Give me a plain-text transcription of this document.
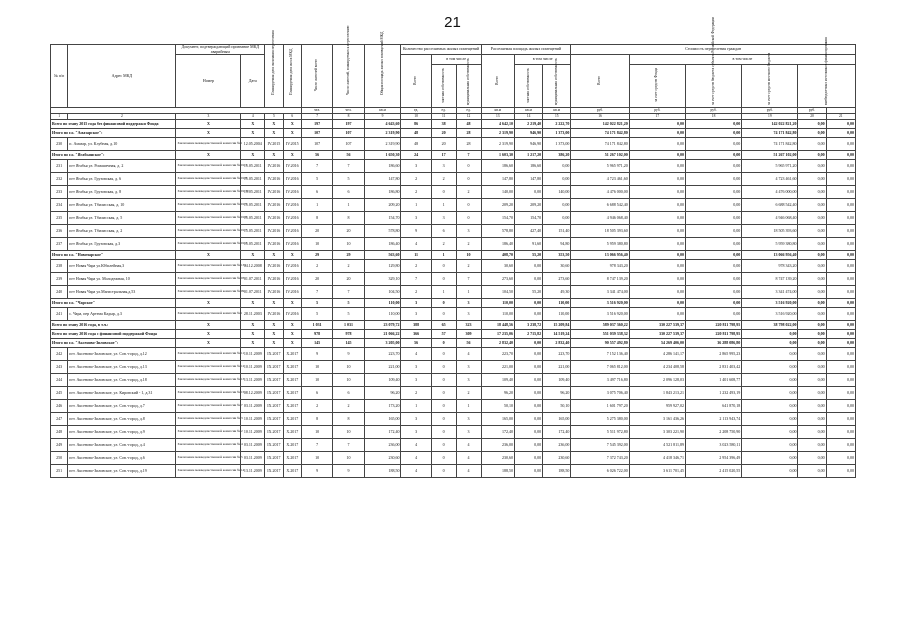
21
№ п/п	Адрес МКД	Документ, подтверждающий признание МКД аварийным		Планируемая дата окончания переселения	Планируемая дата сноса МКД	Число жителей всего	Число жителей, планируемых к переселению	Общая площадь жилых помещений МКД	Количество расселяемых жилых помещений			Расселяемая площадь жилых помещений			Стоимость переселения граждан					
		Номер	Дата						Всего	в том числе		Всего	в том числе		Всего	в том числе				
										частная собственность	муниципальная собственность		частная собственность	муниципальная собственность		за счет средств Фонда	за счет средств бюджета субъекта Российской Федерации	за счет средств местного бюджета	внебюджетных источников финансирования	
						чел.	чел.	кв.м	ед.	ед.	ед.	кв.м	кв.м	кв.м	руб.	руб.	руб.	руб.	руб.	
1	2	3	4	5	6	7	8	9	10	11	12	13	14	15	16	17	18	19	20	21
Всего по этапу 2015 года без финансовой поддержки Фонда		X	X	X	X	197	197	4 643,60	86	38	48	4 642,10	2 219,40	2 222,70	142 022 821,20	0,00	0,00	142 022 821,20	0,00	0,00
Итого по г.о. "Амазарское":		X	X	X	X	107	107	2 319,90	48	20	28	2 319,90	946,90	1 373,00	74 171 842,80	0,00	0,00	74 171 842,80	0,00	0,00
230	п. Амазар, ул. Клубная, д.10	Заключение межведомственной комиссии №1	12.05.2004	IV.2015	IV.2015	107	107	2 319,90	48	20	28	2 319,90	946,90	1 373,00	74 171 842,80	0,00	0,00	74 171 842,80	0,00	0,00
Итого по г.о. "Ягабьинское":		X	X	X	X	56	56	1 650,30	24	17	7	1 603,30	1 217,20	386,20	51 267 102,00	0,00	0,00	51 267 102,00	0,00	0,00
231	пгт Ягабья ул. Ромашечная, д. 2	Заключение межведомственной комиссии № 01/1	15.05.2011	IV.2016	IV.2016	7	7	186,60	3	3	0	186,60	186,60	0,00	5 965 971,20	0,00	0,00	5 965 971,20	0,00	0,00
232	пгт Ягабья ул. Грузовская, д. 6	Заключение межведомственной комиссии № 01/8	15.05.2011	IV.2016	IV.2016	5	5	147,80	2	2	0	147,80	147,80	0,00	4 723 461,60	0,00	0,00	4 723 461,60	0,00	0,00
233	пгт Ягабья ул. Грузовская, д. 8	Заключение межведомственной комиссии № 01/10	15.05.2011	IV.2016	IV.2016	6	6	186,80	2	0	2	140,00	0,00	140,00	4 476 000,00	0,00	0,00	4 476 000,00	0,00	0,00
234	пгт Ягабья ул. Тбилисская, д. 10	Заключение межведомственной комиссии № 01/5	15.05.2011	IV.2016	IV.2016	1	1	209,20	1	1	0	209,20	209,20	0,00	6 688 542,40	0,00	0,00	6 688 542,40	0,00	0,00
235	пгт Ягабья ул. Тбилисская, д. 5	Заключение межведомственной комиссии № 01/6	15.05.2011	IV.2016	IV.2016	8	8	154,70	3	3	0	154,70	154,70	0,00	4 946 068,40	0,00	0,00	4 946 068,40	0,00	0,00
236	пгт Ягабья ул. Тбилисская, д. 2	Заключение межведомственной комиссии № 01/7	15.05.2011	IV.2016	IV.2016	20	20	578,80	9	6	3	578,80	427,40	151,40	18 505 393,60	0,00	0,00	18 505 393,60	0,00	0,00
237	пгт Ягабья ул. Грузовская, д.3	Заключение межведомственной комиссии № 01/2	15.05.2011	IV.2016	IV.2016	10	10	186,40	4	2	2	186,40	91,60	94,80	5 959 380,80	0,00	0,00	5 959 380,80	0,00	0,00
Итого по г.о. "Новочарское"		X	X	X	X	29	29	563,60	11	1	10	408,70	55,20	353,50	13 066 956,40	0,00	0,00	13 066 956,40	0,00	0,00
238	пгт Новая Чара ул.Юбилейная,3	Заключение межведомственной комиссии № 131	04.12.2008	IV.2016	IV.2016	2	2	129,80	2	0	2	30,60	0,00	30,60	978 343,20	0,00	0,00	978 343,20	0,00	0,00
239	пгт Новая Чара ул. Молодежная, 10	Заключение межведомственной комиссии № 03	01.07.2011	IV.2016	IV.2016	20	20	329,10	7	0	7	273,60	0,00	273,60	8 747 139,20	0,00	0,00	8 747 139,20	0,00	0,00
240	пгт Новая Чара ул.Магистральная,д.53	Заключение межведомственной комиссии № 09	01.07.2011	IV.2016	IV.2016	7	7	104,50	2	1	1	104,50	55,20	49,30	3 341 474,00	0,00	0,00	3 341 474,00	0,00	0,00
Итого по г.о. "Чарское"		X	X	X	X	5	5	110,00	3	0	3	110,00	0,00	110,00	3 516 920,00	0,00	0,00	3 516 920,00	0,00	0,00
241	с. Чара, пер Артема Кадыр, д.3	Заключение межведомственной комиссии №1	28.11.2003	IV.2016	IV.2016	5	5	110,00	3	0	3	110,00	0,00	110,00	3 516 920,00	0,00	0,00	3 516 920,00	0,00	0,00
Всего по этапу 2016 года, в т.ч.:		X	X	X	X	1 031	1 031	23 079,72	388	65	323	18 448,56	3 238,72	15 209,84	589 037 360,22	330 227 539,37	220 811 798,95	38 798 022,00	0,00	0,00
Всего по этапу 2016 года с финансовой поддержкой Фонда		X	X	X	X	978	978	21 066,22	366	57	309	17 235,06	2 715,82	14 519,24	551 039 338,32	330 227 539,37	220 811 798,95	0,00	0,00	0,00
Итого по г.о. "Аксеново-Зиловское":		X	X	X	X	145	145	3 205,00	56	0	56	2 832,40	0,00	2 832,40	90 557 492,80	54 269 406,00	36 288 086,80	0,00	0,00	0,00
242	пгт. Аксеново-Зиловское, ул. Сов.-город, д.12	Заключение межведомственной комиссии № 11	10.11.2009	IX.2017	X.2017	9	9	223,70	4	0	4	223,70	0,00	223,70	7 152 136,40	4 286 141,17	2 865 995,23	0,00	0,00	0,00
243	пгт. Аксеново-Зиловское, ул. Сов.-город, д.13	Заключение межведомственной комиссии № 12	10.11.2009	IX.2017	X.2017	10	10	221,00	3	0	3	221,00	0,00	221,00	7 065 812,00	4 234 408,58	2 831 403,42	0,00	0,00	0,00
244	пгт. Аксеново-Зиловское, ул. Сов.-город, д.18	Заключение межведомственной комиссии № 13	13.11.2009	IX.2017	X.2017	10	10	109,40	3	0	3	109,40	0,00	109,40	3 497 716,80	2 096 128,03	1 401 608,77	0,00	0,00	0,00
245	пгт. Аксеново-Зиловское, ул. Кировский - 1, д.31	Заключение межведомственной комиссии № 15	08.12.2009	IX.2017	X.2017	6	6	96,20	2	0	2	96,20	0,00	96,20	3 075 706,40	1 843 213,21	1 232 493,19	0,00	0,00	0,00
246	пгт. Аксеново-Зиловское, ул. Сов.-город, д.7	Заключение межведомственной комиссии № 7	03.11.2009	IX.2017	X.2017	2	2	173,20	1	0	1	50,10	0,00	50,10	1 601 797,20	959 927,02	641 870,18	0,00	0,00	0,00
247	пгт. Аксеново-Зиловское, ул. Сов.-город, д.8	Заключение межведомственной комиссии № 3	10.11.2009	IX.2017	X.2017	8	8	165,00	3	0	3	165,00	0,00	165,00	5 275 380,00	3 161 436,26	2 113 943,74	0,00	0,00	0,00
248	пгт. Аксеново-Зиловское, ул. Сов.-город, д.9	Заключение межведомственной комиссии № 2	10.11.2009	IX.2017	X.2017	10	10	172,40	3	0	3	172,40	0,00	172,40	5 511 972,80	3 303 221,90	2 208 750,90	0,00	0,00	0,00
249	пгт. Аксеново-Зиловское, ул. Сов.-город, д.4	Заключение межведомственной комиссии № 4	03.11.2009	IX.2017	X.2017	7	7	236,00	4	0	4	236,00	0,00	236,00	7 545 392,00	4 521 811,89	3 023 580,11	0,00	0,00	0,00
250	пгт. Аксеново-Зиловское, ул. Сов.-город, д.6	Заключение межведомственной комиссии № 5	03.11.2009	IX.2017	X.2017	10	10	230,60	4	0	4	230,60	0,00	230,60	7 372 743,20	4 418 346,71	2 954 396,49	0,00	0,00	0,00
251	пгт. Аксеново-Зиловское, ул. Сов.-город, д.19	Заключение межведомственной комиссии № 14	13.11.2009	IX.2017	X.2017	9	9	188,50	4	0	4	188,50	0,00	188,50	6 026 722,00	3 611 701,45	2 415 020,55	0,00	0,00	0,00
